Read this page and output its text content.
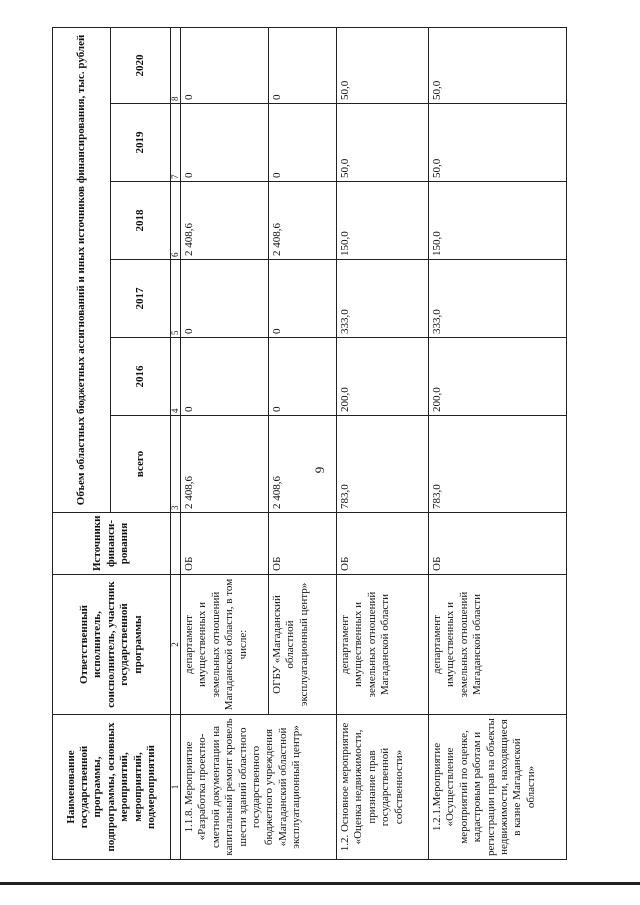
9
Наименование государственной программы, подпрограммы, основных мероприятий, мероприятий, подмероприятий	Ответственный исполнитель, соисполнитель, участник государственной программы	Источники финанси-рования	Объем областных бюджетных ассигнований и иных источников финансирования, тыс. рублей					
			всего	2016	2017	2018	2019	2020
1	2		3	4	5	6	7	8
1.1.8. Мероприятие «Разработка проектно-сметной документации на капитальный ремонт кровель шести зданий областного государственного бюджетного учреждения «Магаданский областной эксплуатационный центр»	департамент имущественных и земельных отношений Магаданской области, в том числе:	ОБ	2 408,6	0	0	2 408,6	0	0
	ОГБУ «Магаданский областной эксплуатационный центр»	ОБ	2 408,6	0	0	2 408,6	0	0
1.2. Основное мероприятие «Оценка недвижимости, признание прав государственной собственности»	департамент имущественных и земельных отношений Магаданской области	ОБ	783,0	200,0	333,0	150,0	50,0	50,0
1.2.1.Мероприятие «Осуществление мероприятий по оценке, кадастровым работам и регистрации прав на объекты недвижимости, находящиеся в казне Магаданской области»	департамент имущественных и земельных отношений Магаданской области	ОБ	783,0	200,0	333,0	150,0	50,0	50,0
